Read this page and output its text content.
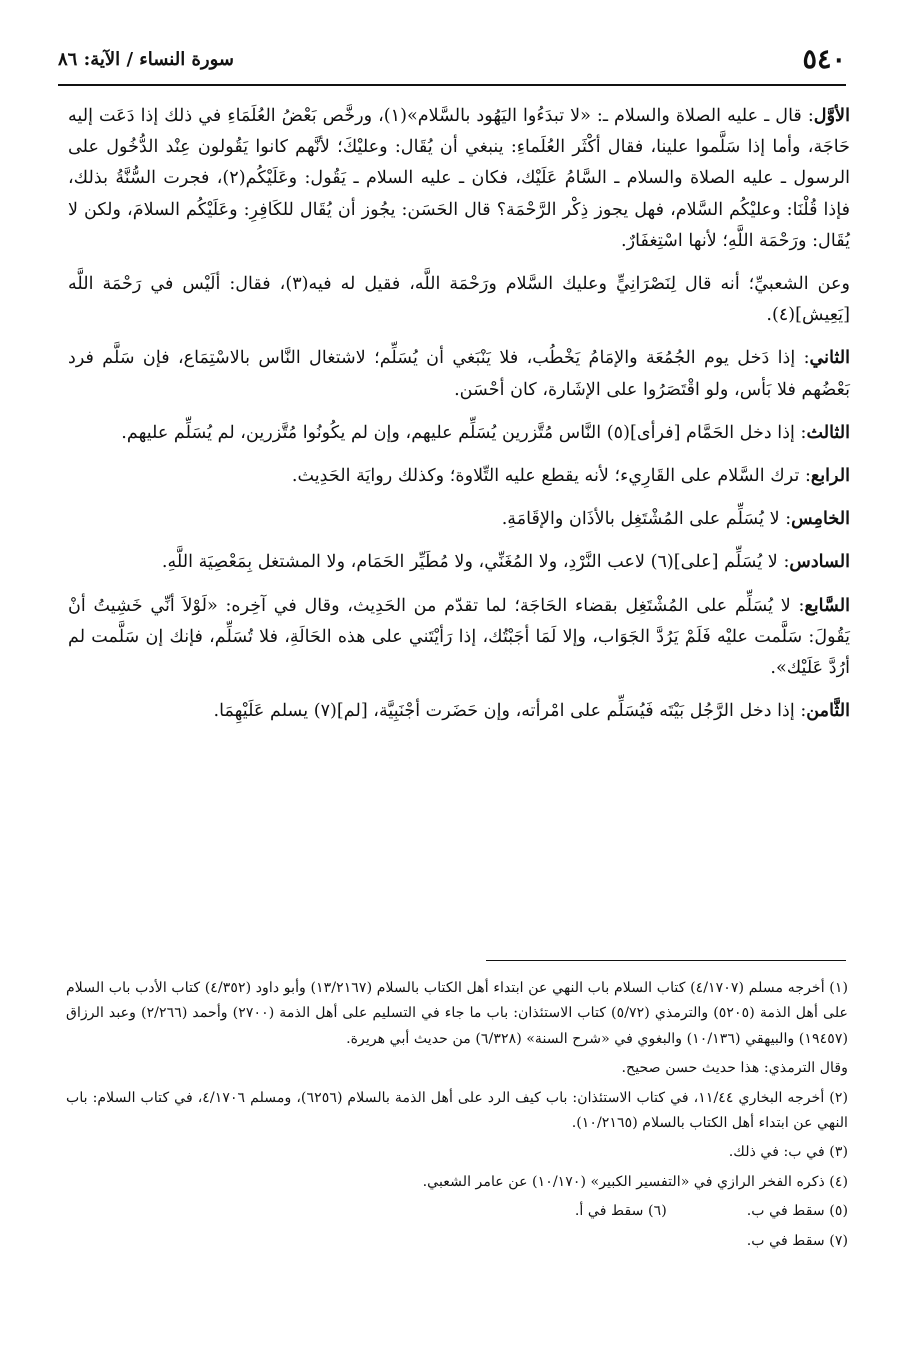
٥٤٠
سورة النساء / الآية: ٨٦

الأوَّل: قال ـ عليه الصلاة والسلام ـ: «لا تبدَءُوا اليَهُود بالسَّلام»(١)، ورخَّص بَعْضُ العُلَمَاءِ في ذلك إذا دَعَت إليه حَاجَة، وأما إذا سَلَّموا علينا، فقال أكْثَر العُلَماءِ: ينبغي أن يُقَال: وعليْكَ؛ لأنَّهم كانوا يَقُولون عِنْد الدُّخُول على الرسول ـ عليه الصلاة والسلام ـ السَّامُ عَلَيْك، فكان ـ عليه السلام ـ يَقُول: وعَلَيْكُم(٢)، فجرت السُّنَّةُ بذلك، فإذا قُلْنَا: وعليْكُم السَّلام، فهل يجوز ذِكْر الرَّحْمَة؟ قال الحَسَن: يجُوز أن يُقَال للكَافِرِ: وعَلَيْكُم السلامَ، ولكن لا يُقَال: ورَحْمَة اللَّهِ؛ لأنها اسْتِغفَارٌ.

وعن الشعبيِّ؛ أنه قال لِنَصْرَانِيٍّ وعليك السَّلام ورَحْمَة اللَّه، فقيل له فيه(٣)، فقال: ألَيْس في رَحْمَة اللَّه [يَعِيش](٤).

الثاني: إذا دَخل يوم الجُمُعَة والإمَامُ يَخْطُب، فلا يَنْبَغي أن يُسَلِّم؛ لاشتغال النَّاس بالاسْتِمَاع، فإن سَلَّم فرد بَعْضُهم فلا بَأس، ولو اقْتَصَرُوا على الإشَارة، كان أحْسَن.

الثالث: إذا دخل الحَمَّام [فرأى](٥) النَّاس مُتَّزرين يُسَلِّم عليهم، وإن لم يكُونُوا مُتَّزرين، لم يُسَلِّم عليهم.

الرابع: ترك السَّلام على القَارِيء؛ لأنه يقطع عليه التِّلاوة؛ وكذلك روايَة الحَدِيث.

الخامِس: لا يُسَلِّم على المُشْتَغِل بالأذَان والإقَامَةِ.

السادس: لا يُسَلِّم [على](٦) لاعب النَّرْدِ، ولا المُغَنِّي، ولا مُطَيِّر الحَمَام، ولا المشتغل بِمَعْصِيَة اللَّهِ.

السَّابع: لا يُسَلِّم على المُشْتَغِل بقضاء الحَاجَة؛ لما تقدّم من الحَدِيث، وقال في آخِره: «لَوْلاَ أنِّي خَشِيتُ أنْ يَقُولَ: سَلَّمت عليْه فَلَمْ يَرُدَّ الجَوَاب، وإلا لَمَا أجَبْتُك، إذا رَأيْتَني على هذه الحَالَةِ، فلا تُسَلِّم، فإنك إن سَلَّمت لم أرُدَّ عَلَيْك».

الثَّامن: إذا دخل الرَّجُل بَيْتَه فَيُسَلِّم على امْرأته، وإن حَضَرت أجْنَبِيَّة، [لم](٧) يسلم عَلَيْهِمَا.

(١) أخرجه مسلم (٤/١٧٠٧) كتاب السلام باب النهي عن ابتداء أهل الكتاب بالسلام (١٣/٢١٦٧) وأبو داود (٤/٣٥٢) كتاب الأدب باب السلام على أهل الذمة (٥٢٠٥) والترمذي (٥/٧٢) كتاب الاستئذان: باب ما جاء في التسليم على أهل الذمة (٢٧٠٠) وأحمد (٢/٢٦٦) وعبد الرزاق (١٩٤٥٧) والبيهقي (١٠/١٣٦) والبغوي في «شرح السنة» (٦/٣٢٨) من حديث أبي هريرة.

وقال الترمذي: هذا حديث حسن صحيح.

(٢) أخرجه البخاري ١١/٤٤، في كتاب الاستئذان: باب كيف الرد على أهل الذمة بالسلام (٦٢٥٦)، ومسلم ٤/١٧٠٦، في كتاب السلام: باب النهي عن ابتداء أهل الكتاب بالسلام (١٠/٢١٦٥).

(٣) في ب: في ذلك.

(٤) ذكره الفخر الرازي في «التفسير الكبير» (١٠/١٧٠) عن عامر الشعبي.

(٥) سقط في ب.
(٦) سقط في أ.

(٧) سقط في ب.
